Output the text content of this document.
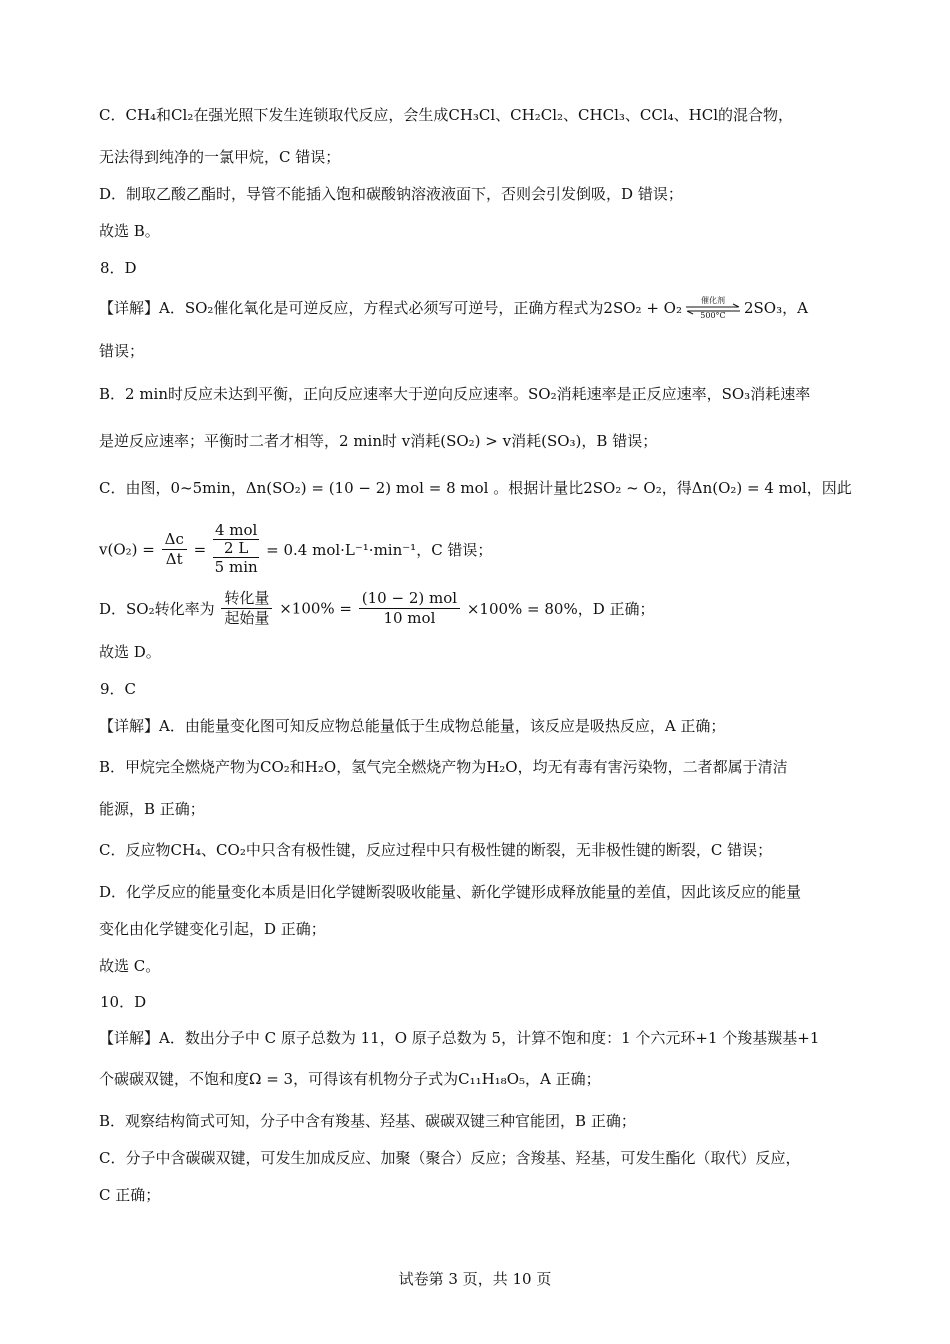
C．CH₄和Cl₂在强光照下发生连锁取代反应，会生成CH₃Cl、CH₂Cl₂、CHCl₃、CCl₄、HCl的混合物，
无法得到纯净的一氯甲烷，C 错误；
D．制取乙酸乙酯时，导管不能插入饱和碳酸钠溶液液面下，否则会引发倒吸，D 错误；
故选 B。
8．D
【详解】A．SO₂催化氧化是可逆反应，方程式必须写可逆号，正确方程式为2SO₂ + O₂	催化剂
500°C	2SO₃，A
错误；
B．2 min时反应未达到平衡，正向反应速率大于逆向反应速率。SO₂消耗速率是正反应速率，SO₃消耗速率
是逆反应速率；平衡时二者才相等，2 min时 v消耗(SO₂) > v消耗(SO₃)，B 错误；
C．由图，0~5min，Δn(SO₂) = (10 − 2) mol = 8 mol 。根据计量比2SO₂ ~ O₂，得Δn(O₂) = 4 mol，因此
$v(O_2) = \frac{\Delta c}{\Delta t} = 4$ mol
2 L
5 min = 0.4 mol·L⁻¹·min⁻¹，C 错误；
D．SO₂转化率为 $\frac{\text{转化量}}{\text{起始量}} \times 100\% = \frac{\text{(10 − 2) mol}}{\text{10 mol}} \times 100\% = 80\%$，D 正确；
故选 D。
9．C
【详解】A．由能量变化图可知反应物总能量低于生成物总能量，该反应是吸热反应，A 正确；
B．甲烷完全燃烧产物为CO₂和H₂O，氢气完全燃烧产物为H₂O，均无有毒有害污染物，二者都属于清洁
能源，B 正确；
C．反应物CH₄、CO₂中只含有极性键，反应过程中只有极性键的断裂，无非极性键的断裂，C 错误；
D．化学反应的能量变化本质是旧化学键断裂吸收能量、新化学键形成释放能量的差值，因此该反应的能量
变化由化学键变化引起，D 正确；
故选 C。
10．D
【详解】A．数出分子中 C 原子总数为 11，O 原子总数为 5，计算不饱和度：1 个六元环+1 个羧基羰基+1
个碳碳双键，不饱和度Ω = 3，可得该有机物分子式为C₁₁H₁₈O₅，A 正确；
B．观察结构简式可知，分子中含有羧基、羟基、碳碳双键三种官能团，B 正确；
C．分子中含碳碳双键，可发生加成反应、加聚（聚合）反应；含羧基、羟基，可发生酯化（取代）反应，
C 正确；
试卷第 3 页，共 10 页
